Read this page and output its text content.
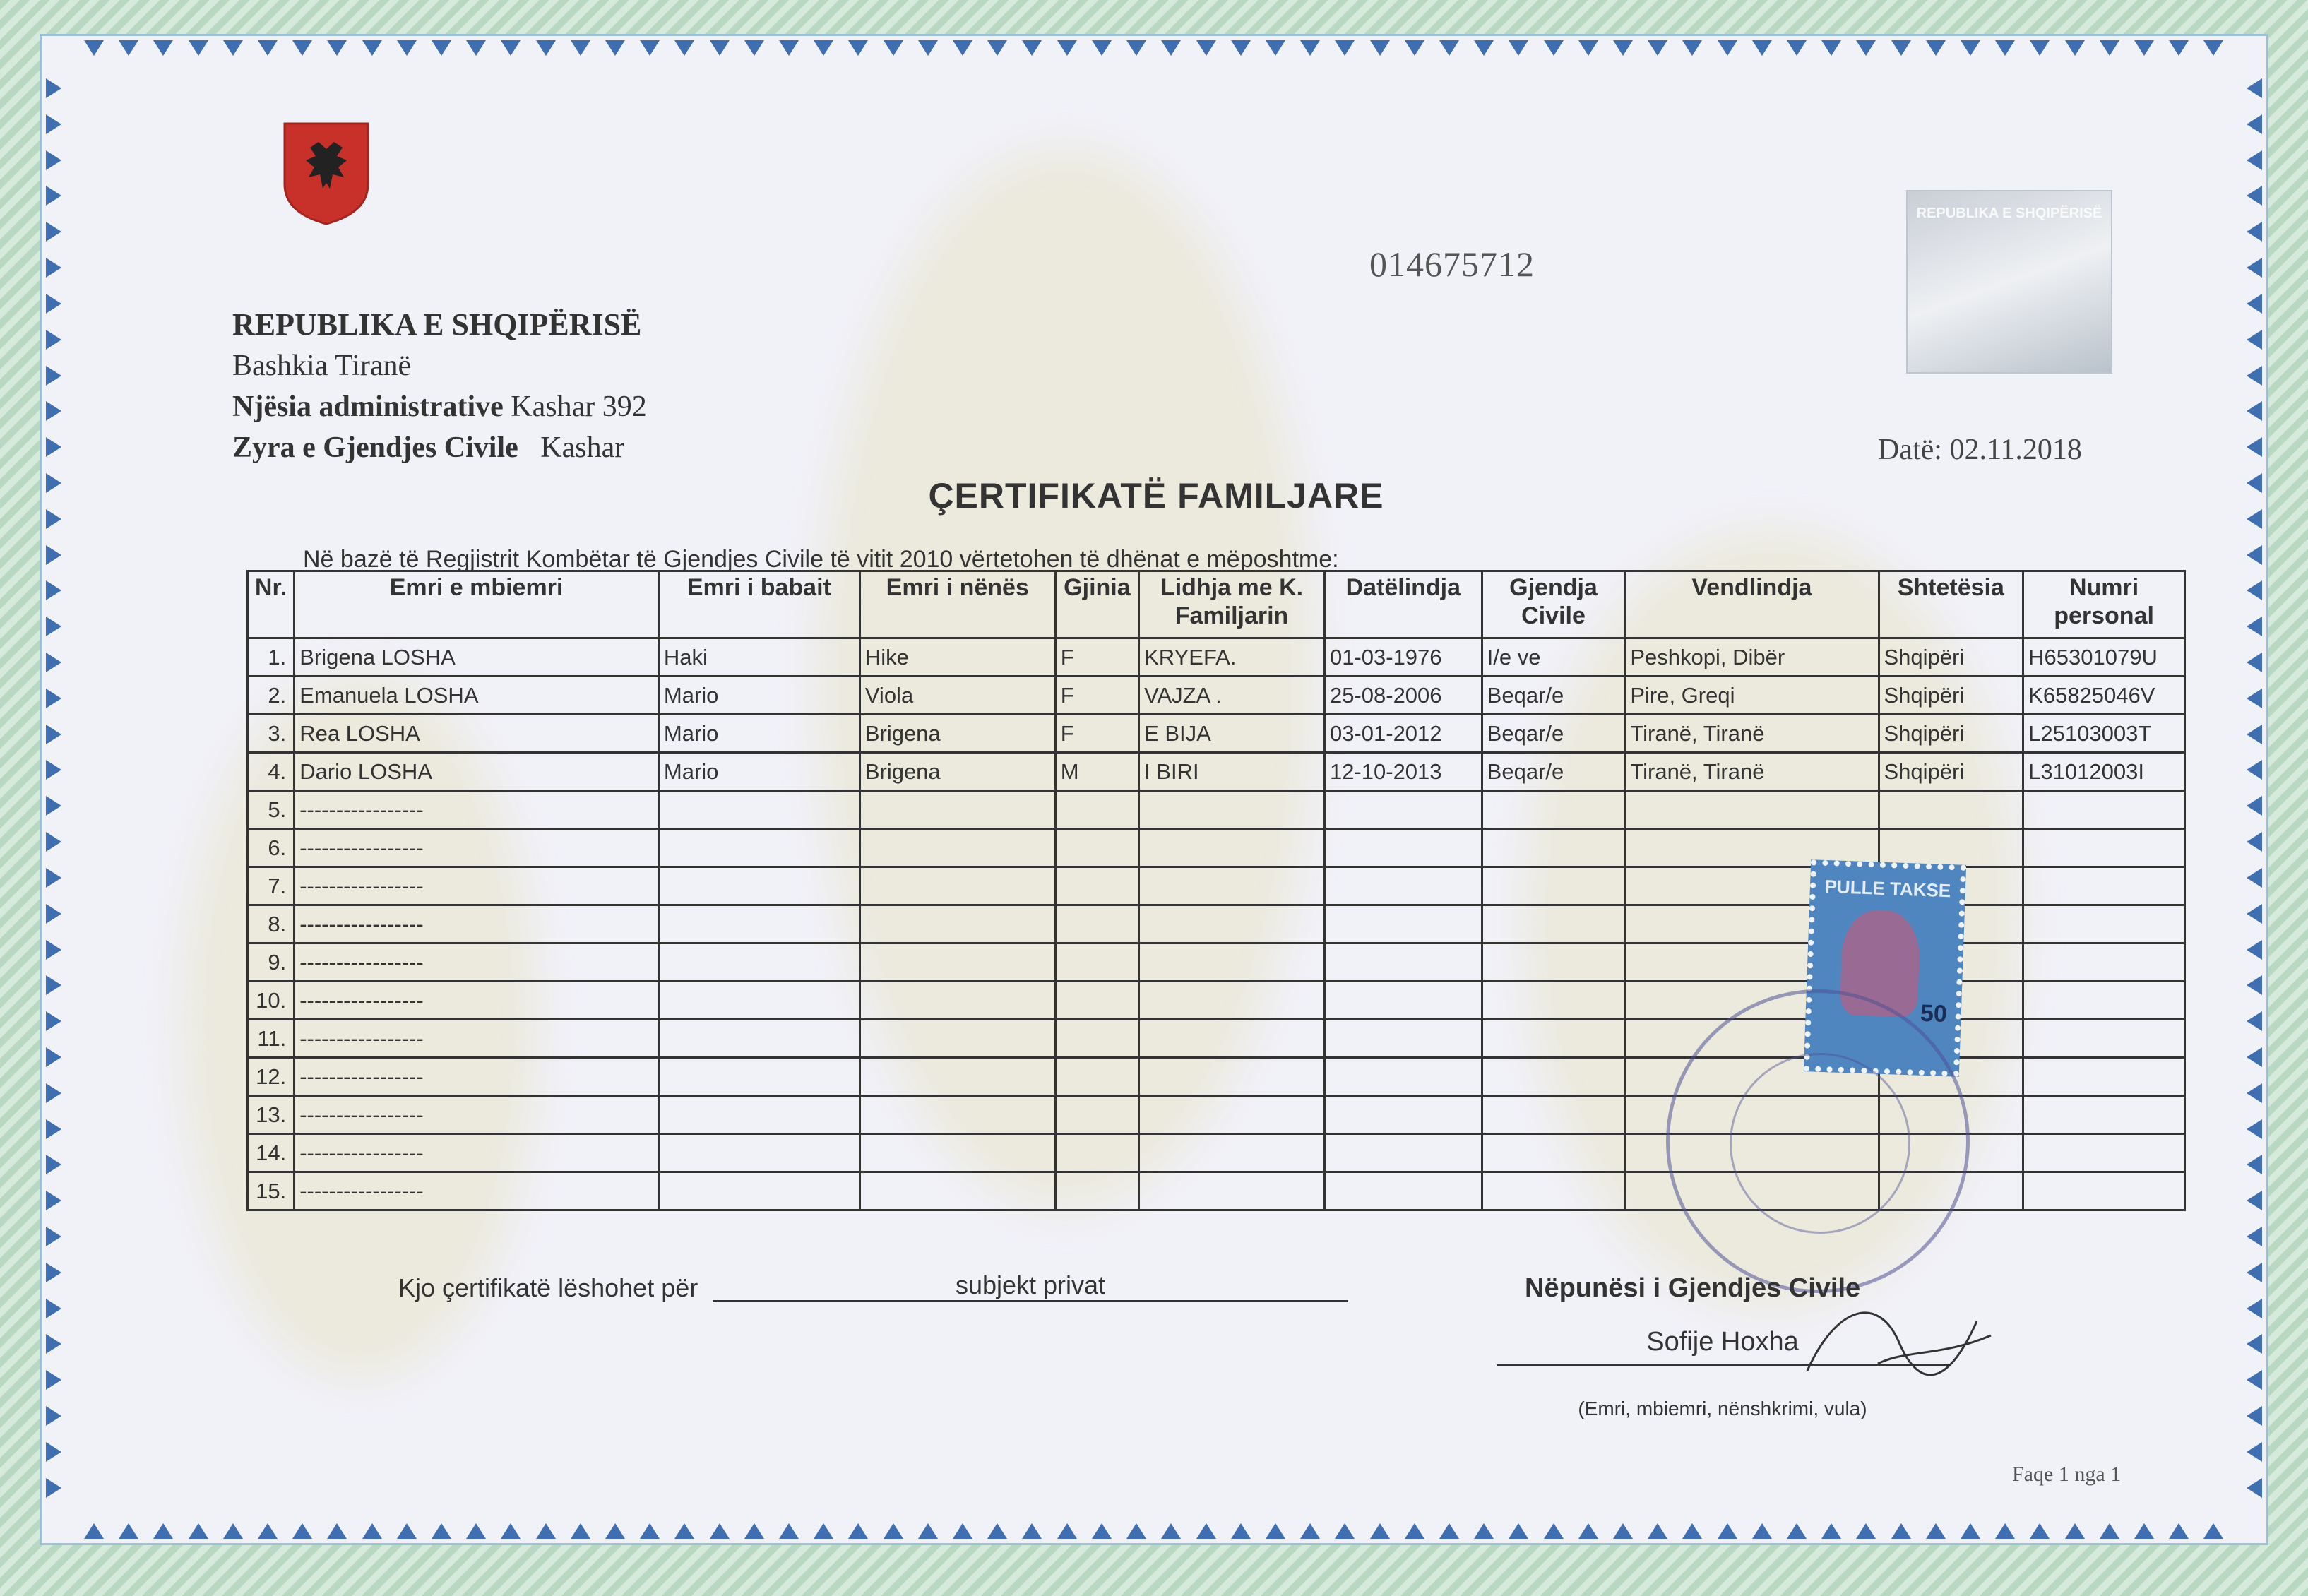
REPUBLIKA E SHQIPËRISË
014675712
REPUBLIKA E SHQIPËRISË
Bashkia Tiranë
Njësia administrative Kashar 392
Zyra e Gjendjes Civile Kashar	Datë: 02.11.2018
ÇERTIFIKATË FAMILJARE
Në bazë të Regjistrit Kombëtar të Gjendjes Civile të vitit 2010 vërtetohen të dhënat e mëposhtme:
Nr.	Emri e mbiemri	Emri i babait	Emri i nënës	Gjinia	Lidhja me K. Familjarin	Datëlindja	Gjendja Civile	Vendlindja	Shtetësia	Numri personal
1.	Brigena LOSHA	Haki	Hike	F	KRYEFA.	01-03-1976	I/e ve	Peshkopi, Dibër	Shqipëri	H65301079U
2.	Emanuela LOSHA	Mario	Viola	F	VAJZA .	25-08-2006	Beqar/e	Pire, Greqi	Shqipëri	K65825046V
3.	Rea LOSHA	Mario	Brigena	F	E BIJA	03-01-2012	Beqar/e	Tiranë, Tiranë	Shqipëri	L25103003T
4.	Dario LOSHA	Mario	Brigena	M	I BIRI	12-10-2013	Beqar/e	Tiranë, Tiranë	Shqipëri	L31012003I
5.	-----------------									
6.	-----------------									
7.	-----------------									
8.	-----------------									
9.	-----------------									
10.	-----------------									
11.	-----------------									
12.	-----------------									
13.	-----------------									
14.	-----------------									
15.	-----------------									
PULLE TAKSE
50
Kjo çertifikatë lëshohet për	subjekt privat	Nëpunësi i Gjendjes Civile
Sofije Hoxha
(Emri, mbiemri, nënshkrimi, vula)
Faqe 1 nga 1
